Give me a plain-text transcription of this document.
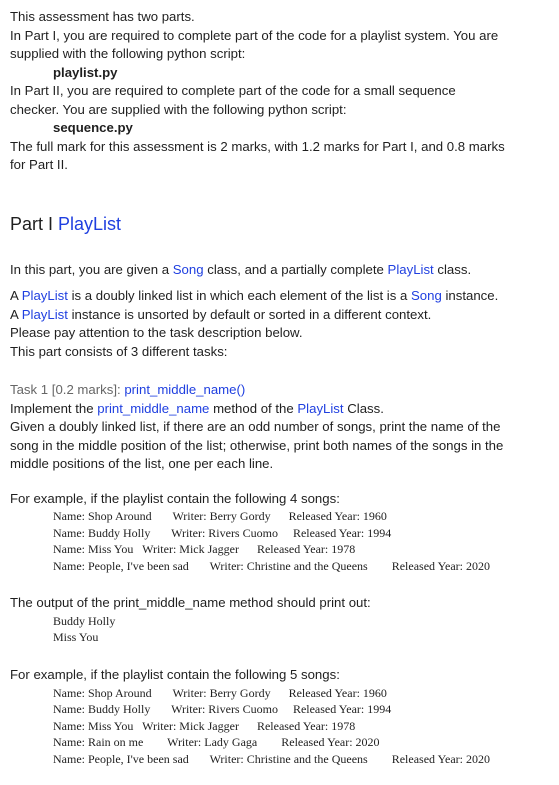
This assessment has two parts.
In Part I, you are required to complete part of the code for a playlist system. You are
supplied with the following python script:
playlist.py
In Part II, you are required to complete part of the code for a small sequence
checker. You are supplied with the following python script:
sequence.py
The full mark for this assessment is 2 marks, with 1.2 marks for Part I, and 0.8 marks
for Part II.
Part I PlayList
In this part, you are given a Song class, and a partially complete PlayList class.
A PlayList is a doubly linked list in which each element of the list is a Song instance.
A PlayList instance is unsorted by default or sorted in a different context.
Please pay attention to the task description below.
This part consists of 3 different tasks:
Task 1 [0.2 marks]: print_middle_name()
Implement the print_middle_name method of the PlayList Class.
Given a doubly linked list, if there are an odd number of songs, print the name of the
song in the middle position of the list; otherwise, print both names of the songs in the
middle positions of the list, one per each line.
For example, if the playlist contain the following 4 songs:
Name: Shop Around       Writer: Berry Gordy      Released Year: 1960
Name: Buddy Holly       Writer: Rivers Cuomo     Released Year: 1994
Name: Miss You   Writer: Mick Jagger      Released Year: 1978
Name: People, I've been sad       Writer: Christine and the Queens        Released Year: 2020
The output of the print_middle_name method should print out:
Buddy Holly
Miss You
For example, if the playlist contain the following 5 songs:
Name: Shop Around       Writer: Berry Gordy      Released Year: 1960
Name: Buddy Holly       Writer: Rivers Cuomo     Released Year: 1994
Name: Miss You   Writer: Mick Jagger      Released Year: 1978
Name: Rain on me        Writer: Lady Gaga        Released Year: 2020
Name: People, I've been sad       Writer: Christine and the Queens        Released Year: 2020
